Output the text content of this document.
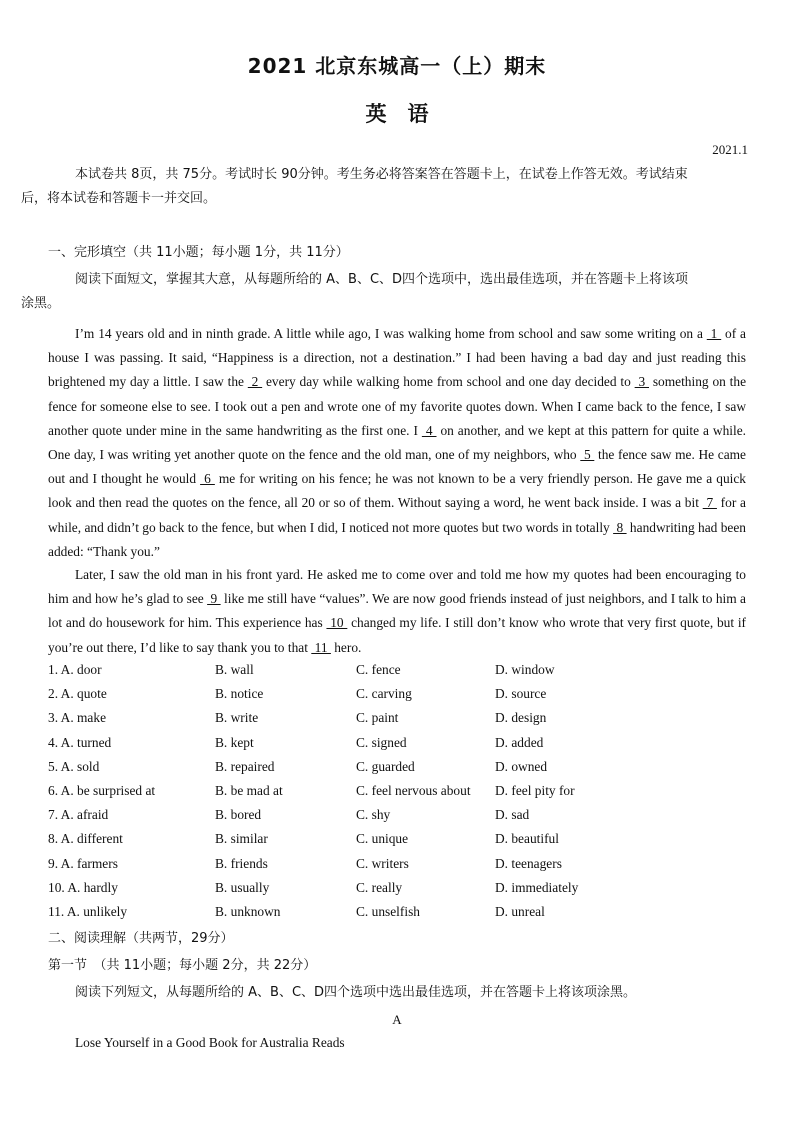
2021 北京东城高一（上）期末
英　语
2021.1
本试卷共 8页，共 75分。考试时长 90分钟。考生务必将答案答在答题卡上，在试卷上作答无效。考试结束
后，将本试卷和答题卡一并交回。
一、完形填空（共 11小题；每小题 1分，共 11分）
阅读下面短文，掌握其大意，从每题所给的 A、B、C、D四个选项中，选出最佳选项，并在答题卡上将该项
涂黑。
I’m 14 years old and in ninth grade. A little while ago, I was walking home from school and saw some writing on a  1  of a house I was passing. It said, “Happiness is a direction, not a destination.” I had been having a bad day and just reading this brightened my day a little. I saw the  2  every day while walking home from school and one day decided to  3  something on the fence for someone else to see. I took out a pen and wrote one of my favorite quotes down. When I came back to the fence, I saw another quote under mine in the same handwriting as the first one. I  4  on another, and we kept at this pattern for quite a while. One day, I was writing yet another quote on the fence and the old man, one of my neighbors, who  5  the fence saw me. He came out and I thought he would  6  me for writing on his fence; he was not known to be a very friendly person. He gave me a quick look and then read the quotes on the fence, all 20 or so of them. Without saying a word, he went back inside. I was a bit  7  for a while, and didn’t go back to the fence, but when I did, I noticed not more quotes but two words in totally  8  handwriting had been added: “Thank you.”
Later, I saw the old man in his front yard. He asked me to come over and told me how my quotes had been encouraging to him and how he’s glad to see  9  like me still have “values”. We are now good friends instead of just neighbors, and I talk to him a lot and do housework for him. This experience has  10  changed my life. I still don’t know who wrote that very first quote, but if you’re out there, I’d like to say thank you to that  11  hero.
1. A. door	B. wall	C. fence	D. window
2. A. quote	B. notice	C. carving	D. source
3. A. make	B. write	C. paint	D. design
4. A. turned	B. kept	C. signed	D. added
5. A. sold	B. repaired	C. guarded	D. owned
6. A. be surprised at	B. be mad at	C. feel nervous about D. feel pity for
7. A. afraid	B. bored	C. shy	D. sad
8. A. different	B. similar	C. unique	D. beautiful
9. A. farmers	B. friends	C. writers	D. teenagers
10. A. hardly	B. usually	C. really	D. immediately
11. A. unlikely	B. unknown	C. unselfish	D. unreal
二、阅读理解（共两节，29分）
第一节　（共 11小题；每小题 2分，共 22分）
阅读下列短文，从每题所给的 A、B、C、D四个选项中选出最佳选项，并在答题卡上将该项涂黑。
A
Lose Yourself in a Good Book for Australia Reads
